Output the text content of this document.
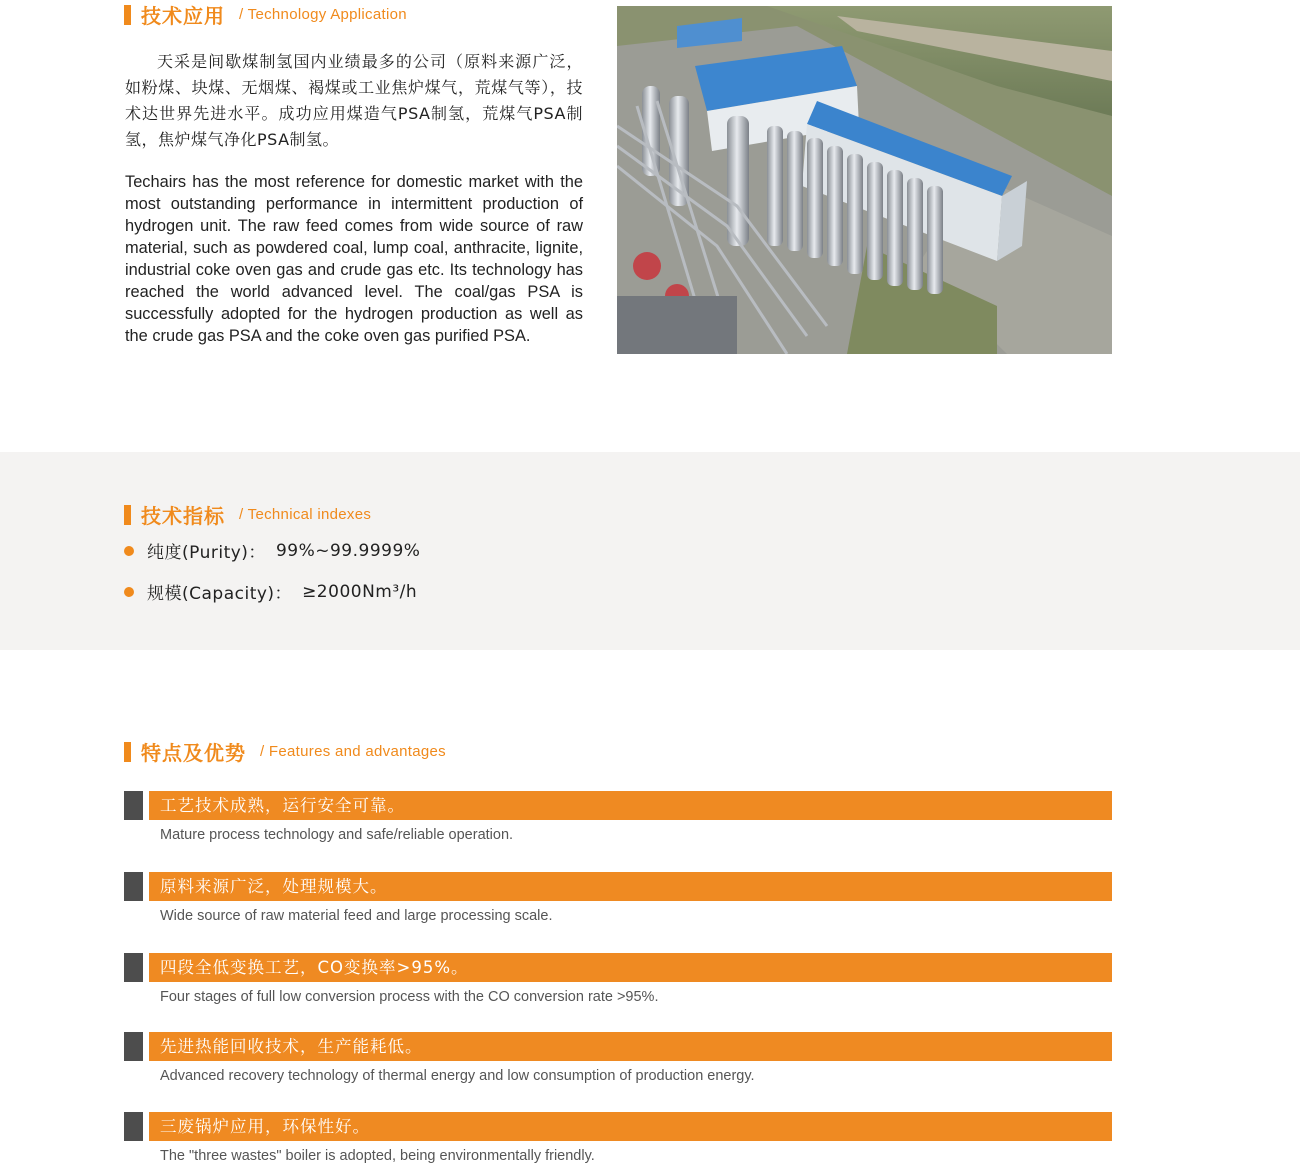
技术应用 / Technology Application

天采是间歇煤制氢国内业绩最多的公司（原料来源广泛，如粉煤、块煤、无烟煤、褐煤或工业焦炉煤气，荒煤气等），技术达世界先进水平。成功应用煤造气PSA制氢，荒煤气PSA制氢，焦炉煤气净化PSA制氢。

Techairs has the most reference for domestic market with the most outstanding performance in intermittent production of hydrogen unit. The raw feed comes from wide source of raw material, such as powdered coal, lump coal, anthracite, lignite, industrial coke oven gas and crude gas etc. Its technology has reached the world advanced level. The coal/gas PSA is successfully adopted for the hydrogen production as well as the crude gas PSA and the coke oven gas purified PSA.

技术指标 / Technical indexes
纯度(Purity)： 99%~99.9999%
规模(Capacity)： ≥2000Nm³/h
特点及优势 / Features and advantages
工艺技术成熟，运行安全可靠。
Mature process technology and safe/reliable operation.
原料来源广泛，处理规模大。
Wide source of raw material feed and large processing scale.
四段全低变换工艺，CO变换率>95%。
Four stages of full low conversion process with the CO conversion rate >95%.
先进热能回收技术，生产能耗低。
Advanced recovery technology of thermal energy and low consumption of production energy.
三废锅炉应用，环保性好。
The "three wastes" boiler is adopted, being environmentally friendly.
